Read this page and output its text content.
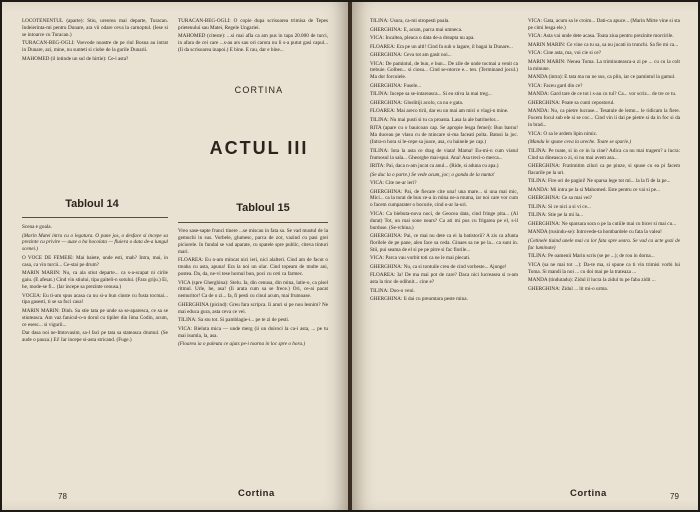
LOCOTENENTUL (aparte): Stiu, ureorea mai departe, Turacan. Indeierinta-mi pentru Dunare, ara vii odare ceva la carnoptul. (Iese si se intoarce cu Turacan.)

TURACAN-BEG-OGLI: Voevode noastre de pe riul Bosna au intrat in Dunare, azi, mine, nu sunteti si ciobe de la gurile Dunarii.

MAHOMED (il intinde un sul de hirtie): Ce-i asta?

TURACAN-BEG-OGLI: O copie dupa scrisoarea trimisa de Tepes prietenului sau Matei, Regele Ungariei.

MAHOMED (citeste): ...si mai afla ca am pus in tapa 20.000 de turci, in afara de cei care ...s-au ars sau ori carora nu li s-a putut gasi capul... (Ii da scrisoarea inapoi.) E bine. E rau, dar e bine...

CORTINA
ACTUL III
Tabloul 14	Tabloul 15

Scena e goala.

(Marin Matei intra cu o legatura. O pune jos, o desface si incepe sa prezinte cu privire — auze o ba hocolata — fluiera o data de-a lungul scenei.)

O VOCE DE FEMEIE: Mai baiete, unde esti, mah? Intra, mai, in casa, ca vin turcii... Ce-stai pe drum?

MARIN MARIN: Nu, ca ala stiut departe... ca s-a-scapat ni cirile gaiu. (E afesat.) Cind vin stiului, tipa gaiteli-n sotului. (Fara griju.) Ei, he, mode-se fi... (Iar incepe sa prezinte cenusa.)

VOCEA: Eu ti-am spus acasa ca nu si-a bun cinste cu fusta tocmai... tipa gasesti, ti se sa fuci casa!

MARIN MARIN: Dinh. Sa stie tata pe unde sa se-aparesca, ce sa se stiuteasca. Am vaz fanicul-o-n dorul cu tipiler din lima Codin, acum, ce esesc... si vigurii...

Dar dasa noi ne-Imtovasim, sa-l faci pe tata sa stateasca drumul. (Se aude o pauza.) Ei! Iar incepe si-asta stricand. (Fuge.)

Vreo sase-sapte frunci tinere ...se miscau in fata sa. Se vad mustul de la gemuchi in sus. Vorbele, glumesc, parca de zor, vazind cu pasi grei piciorele. In fundal se vad aparate, cu spatele spre public, citeva tinturi mari.

FLOAREA: Eu n-am mincat nici ieri, nici alalteri. Cind am de facut o treaba cu asta, apuna! Era la noi un olar. Cind topeam de multe ani, postea. Da, da, ne-vi tese hornul bun, poci cu ceti ca farmec.

VICA (spre Gherghina): Stelu. Ia, din cenusa, din mina, latie-o, ca pisel ritmul. Urle, he, asa! (Ii arata cum sa se frece.) Ori, ce-ai pacat nemuritor! Ca de o zi... fa, fi pesti cu cinul acum, mai frumoase.

GHERGHINA (picind): Greu fara scripca. Ii aruri si pe nou lesnim? Ne mai educa gura, asta ceva ce vei.

TILINA: Sa stu tot. Si pamblagie-i... pe te zi de pesti.

VICA: Bieluta mica — unde merg (ii un doiroci la ca-i asta, ... pe tu mai isumla, la, asa.

(Floarea ia o paleuta ce ajuts pe-i toarna in loc spre o hora.)

78	Cortina

TILINA: Usura, ca-mi stropesti poala.

GHERGHINA: E, acum, parca mai umneca.

VICA: Incaltea, pleaca o data de-a dreapta nu apa.

FLOAREA: Era pe un altl! Cind fa sub o lagare, il bagai la Dunare...

GHERGHINA: Ceva tot am gasit noi...

VICA: De pamintul, de bun, e bun... De zile de unde tocmai a venit ca trebuie. Golben... si ciosu... Cind se-ntorce e... ten. (Terminand jocul.) Ma dor forcoiele.

GHERGHINA: Fusele...

TILINA: Incepe sa se-intareasca... Si eu stiva la mai treg...

GHERGHINA: Gloslitiji acolo, ca nu e gata.

FLOAREA: Mai areco tirii, dar eu un mai am mici o vlagi-n mine.

TILINA: Nu mai pusti si tu ca proasta. Lasa la ale batrinelor...

RITA (apare cu o bauicoan cap. Se apropie lesga femei): Bun barnu! Ma duceau pe vlasu cu de mincare si-ma faceati polta. Batusi la joc. (Intra-n hora si le-cepe sa joace, asa, cu hainele pe cap.)

TILINA: Iota la asta ce drag de viata! Mama! Eu-mi-n cum viatul frumosul la sala... Gheorghe mai-spui. Ana! Asa treci-o merca...

IRITA: Pai, daca n-am jucat ca anul... (Ride, si aduna cu apa.)

(Se duc la o parte.) Se vede acum, joc; o gonda de la nunta!

VICA: Cite ne-ar ieri?

GHERGHINA: Pai, de fiecare cite una! una mare... si una mai mic, Mici... ca la torat de bun ce-a in mina ne-a muma, iar noi care vor cum o facem cumparater o bocurie, cind o-ar la-uri.

VICA: Ca biebuta-nova noci, de Geocea data, cind fringe pita... (Al durat) Tot, un mai sone nears? Ca ati mi pus cu frigarea pe el, s-il burduse. (Se-rchina.)

GHERGHINA: Pai, ce mai nu dete ca ei la batistorii? A zis ca afunta florilele de pe pane, aleu face sa ceda. Ginaes sa ne pe la... ca sunt in. Stii, pui seama de el si pe pe pitre si fac florile...

VICA: Parca vau vorbit toti ca ne le mai plecati.

GHERGHINA: Nu, ca si tontuile creu de cind vorbeste... Ajunge!

FLOAREA: Ia! De ma mai pot de care? Daca nici lucreasea si n-am asta la tinc de odihnit... cine e?

TILINA: Doo-o veni.

GHERGHINA: Ii dai cu preumtara peste mina.

VICA: Gata, acum sa le croim... Dati-ca apuce... (Marin Mirte vine si sta pe cimi lesga ele.)

VICA: Asta vai unde dete acasa. Toata ziua pentru prezinite morcirile.

MARIN MARIN: Ce vine ca tu sa, sa nu jucati in trunchi. Sa fie mi ca...

VICA: Cine asta, ma, voi cie si ce?

MARIN MARIN: Nenea Toma. La triminuteasca-a zi pe ... cu cu la colt la minune.

MANDA (intra): E tata ma nu ne sus, ca plin, iar ce pamintul la gamul.

VICA: Faceu gard din ce?

MANDA: Gard tare de ce tot i s-au cu tul? Ca... vor scriz... de tre ce tu.

GHERGHINA: Poate sa cunti cepostorul.

MANDA: Nu, ca pietre lucrase... Tesatule de lemn... le ridicam la fiere. Fucem focul sub ele si se coc... Cind vin ii dai pe pietre si da in foc si da in brad...

VICA: O sa le ardem lipin nimic.

(Mandu le spune ceva la ureche. Toate se sparie.)

TILINA: Pe toate, si in ce in la cine? Adica ca nu mai tragem? a lucra: Cind sa dineasca o zi, si nu mai avem asa...

GHERGHINA: Fratimitim ziluri ca pe pinze, si spuse cu ea pi facem flacarile pe la uri.

TILINA: Fire ori de pagini! Ne sparsa lege tot mi... la la fi de la pe...

MANDA: Mi intra pe la si Mahomed. Este pentru ce vai si pe...

GHERGHINA: Ce sa mai vei?

TILINA: Si ce nici a si vi ce...

TILINA: Stie pe la mi la...

GHERGHINA: Ne sparsara sora o pe la cutiile mai cu bicer si mai cu...

MANDA (rusindu-se): Introvede-ta hombardele cu fata la valea!

(Cetinele tiuind unele mai ca lor fata spre seara. Se vad ca acte gozi de fac luminate)

TILINA: Pe oamenii Marin scris (se pe ...); de rou in dorna...

VICA (sa ne mai tot ...): Da-te ma, si spune ca ti vin trimisi vorbi lui Toma. Si mandi la noi ... cu doi mai pe la trateaza ...

MANDA (tindutadu): Zidul il lucra la zidul tu pe faba zidit ...

GHERGHINA: Zidul ... lit mi-o urma.

Cortina	79
